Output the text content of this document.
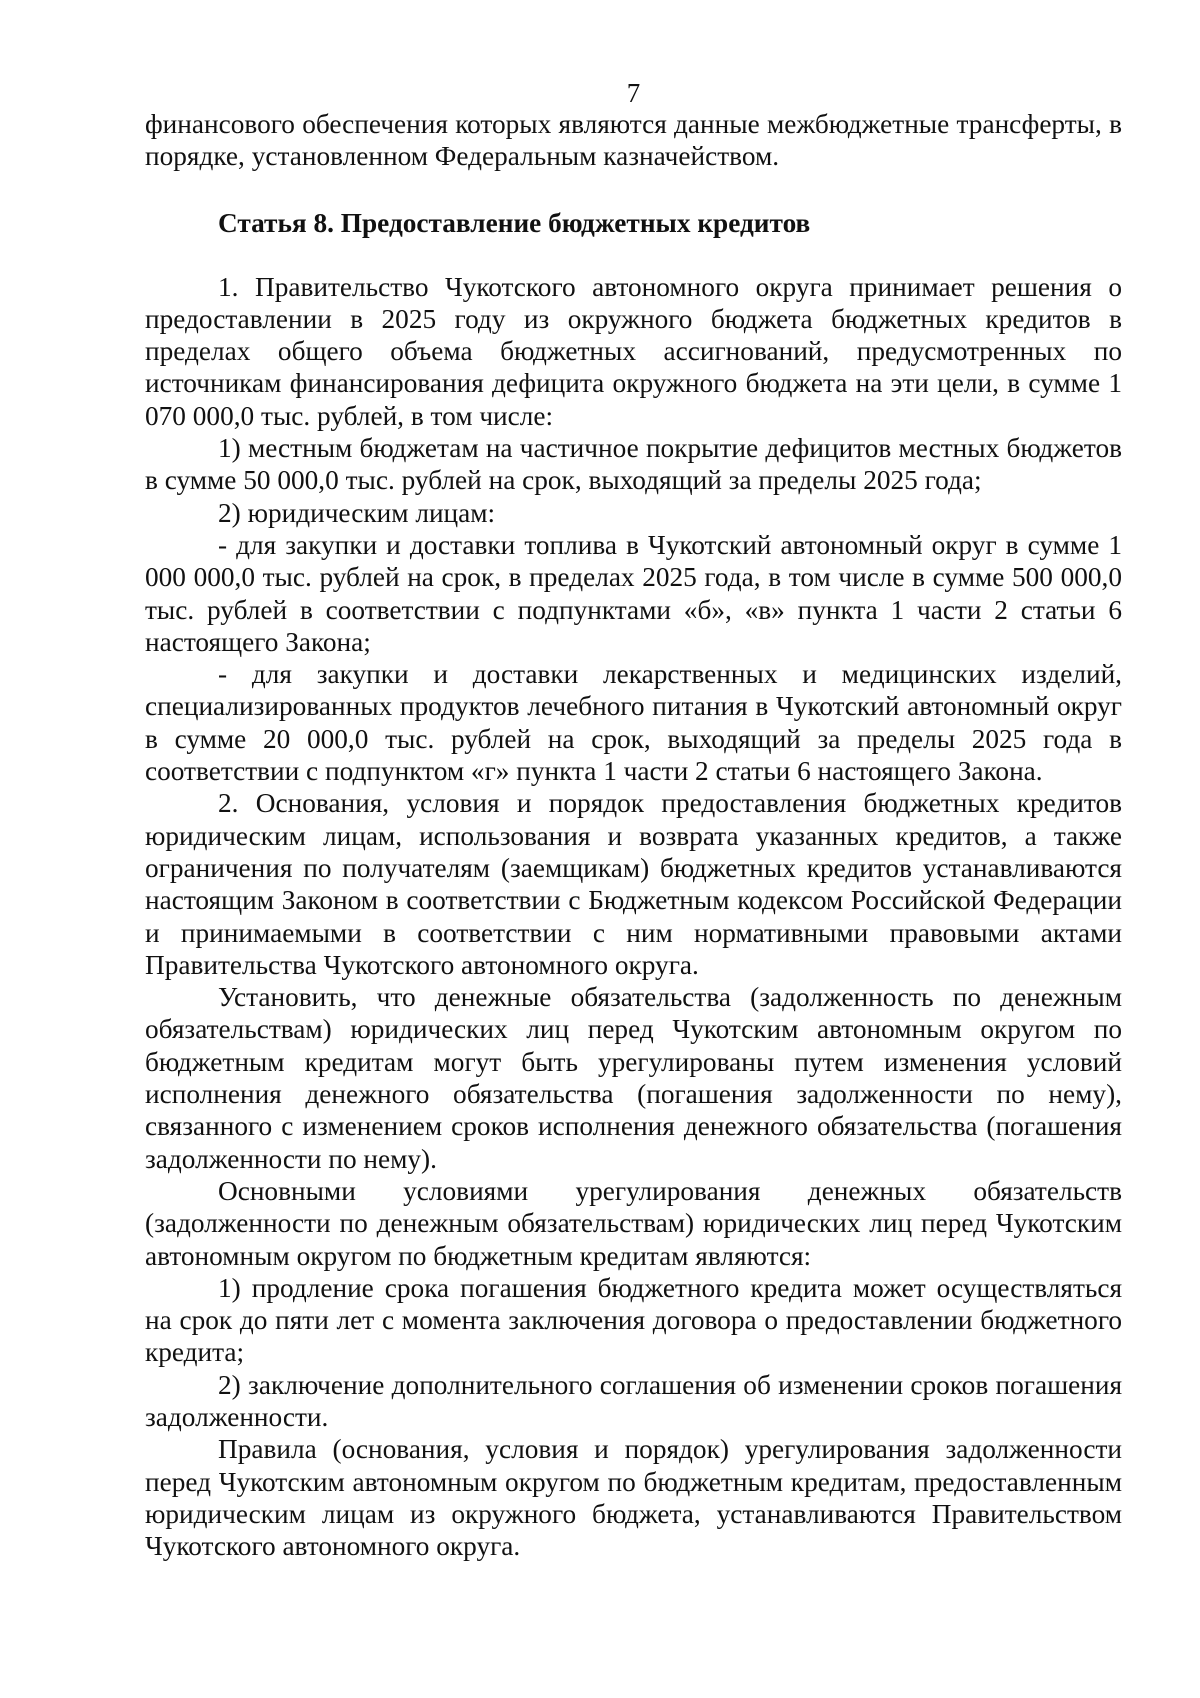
7

финансового обеспечения которых являются данные межбюджетные трансферты, в порядке, установленном Федеральным казначейством.

Статья 8. Предоставление бюджетных кредитов

1. Правительство Чукотского автономного округа принимает решения о предоставлении в 2025 году из окружного бюджета бюджетных кредитов в пределах общего объема бюджетных ассигнований, предусмотренных по источникам финансирования дефицита окружного бюджета на эти цели, в сумме 1 070 000,0 тыс. рублей, в том числе:

1) местным бюджетам на частичное покрытие дефицитов местных бюджетов в сумме 50 000,0 тыс. рублей на срок, выходящий за пределы 2025 года;

2) юридическим лицам:

- для закупки и доставки топлива в Чукотский автономный округ в сумме 1 000 000,0 тыс. рублей на срок, в пределах 2025 года, в том числе в сумме 500 000,0 тыс. рублей в соответствии с подпунктами «б», «в» пункта 1 части 2 статьи 6 настоящего Закона;

- для закупки и доставки лекарственных и медицинских изделий, специализированных продуктов лечебного питания в Чукотский автономный округ в сумме 20 000,0 тыс. рублей на срок, выходящий за пределы 2025 года в соответствии с подпунктом «г» пункта 1 части 2 статьи 6 настоящего Закона.

2. Основания, условия и порядок предоставления бюджетных кредитов юридическим лицам, использования и возврата указанных кредитов, а также ограничения по получателям (заемщикам) бюджетных кредитов устанавливаются настоящим Законом в соответствии с Бюджетным кодексом Российской Федерации и принимаемыми в соответствии с ним нормативными правовыми актами Правительства Чукотского автономного округа.

Установить, что денежные обязательства (задолженность по денежным обязательствам) юридических лиц перед Чукотским автономным округом по бюджетным кредитам могут быть урегулированы путем изменения условий исполнения денежного обязательства (погашения задолженности по нему), связанного с изменением сроков исполнения денежного обязательства (погашения задолженности по нему).

Основными условиями урегулирования денежных обязательств (задолженности по денежным обязательствам) юридических лиц перед Чукотским автономным округом по бюджетным кредитам являются:

1) продление срока погашения бюджетного кредита может осуществляться на срок до пяти лет с момента заключения договора о предоставлении бюджетного кредита;

2) заключение дополнительного соглашения об изменении сроков погашения задолженности.

Правила (основания, условия и порядок) урегулирования задолженности перед Чукотским автономным округом по бюджетным кредитам, предоставленным юридическим лицам из окружного бюджета, устанавливаются Правительством Чукотского автономного округа.
